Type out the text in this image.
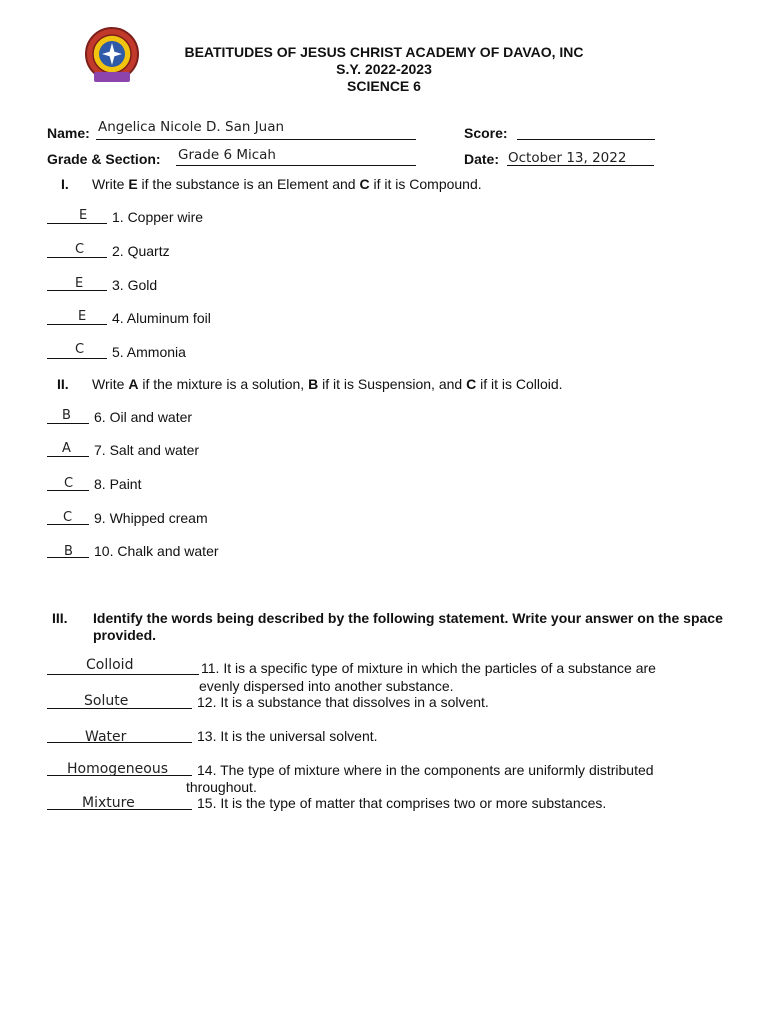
BEATITUDES OF JESUS CHRIST ACADEMY OF DAVAO, INC
S.Y. 2022-2023
SCIENCE 6
Name: Angelica Nicole D. San Juan	Score:
Grade & Section: Grade 6 Micah	Date: October 13, 2022
I. Write E if the substance is an Element and C if it is Compound.
E 1. Copper wire
C 2. Quartz
E 3. Gold
E 4. Aluminum foil
C 5. Ammonia
II. Write A if the mixture is a solution, B if it is Suspension, and C if it is Colloid.
B 6. Oil and water
A 7. Salt and water
C 8. Paint
C 9. Whipped cream
B 10. Chalk and water
III. Identify the words being described by the following statement. Write your answer on the space provided.
Colloid	11. It is a specific type of mixture in which the particles of a substance are
evenly dispersed into another substance.
Solute	12. It is a substance that dissolves in a solvent.
Water	13. It is the universal solvent.
Homogeneous 14. The type of mixture where in the components are uniformly distributed
throughout.
Mixture	15. It is the type of matter that comprises two or more substances.
